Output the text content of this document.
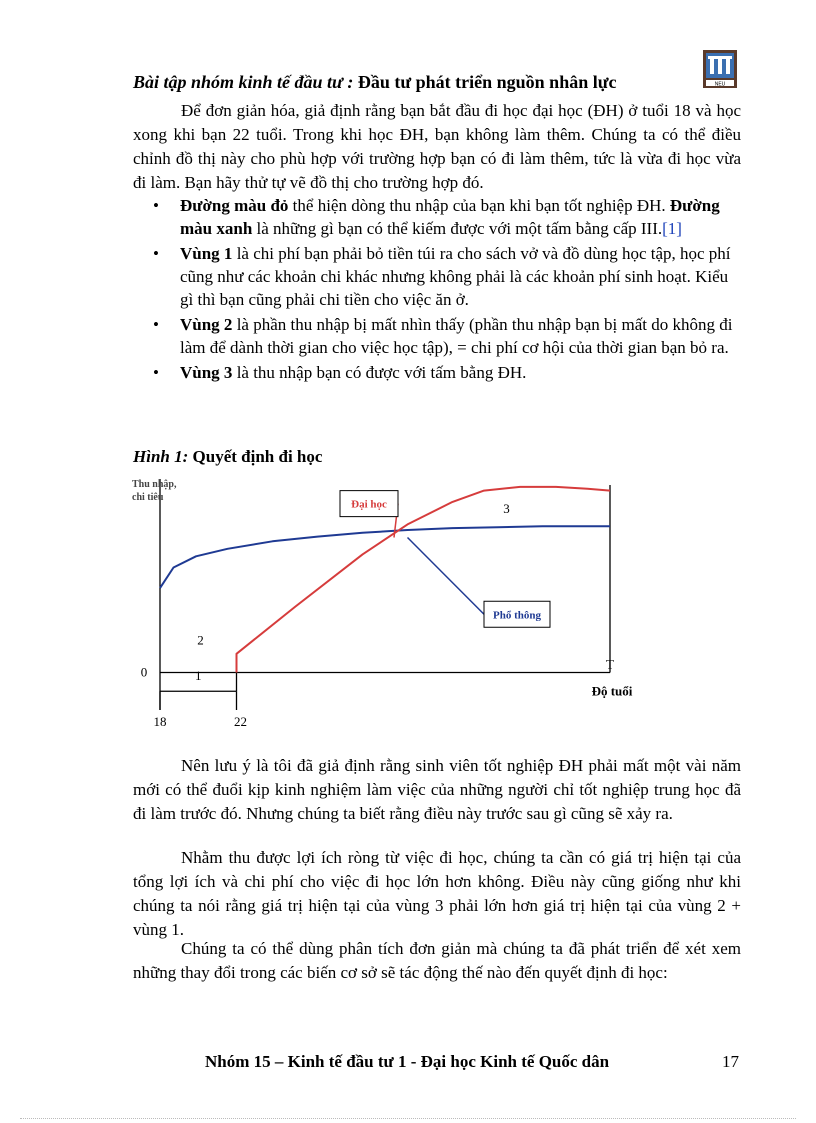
NEU
Bài tập nhóm kinh tế đầu tư : Đầu tư phát triển nguồn nhân lực
Để đơn giản hóa, giả định rằng bạn bắt đầu đi học đại học (ĐH) ở tuổi 18 và học xong khi bạn 22 tuổi. Trong khi học ĐH, bạn không làm thêm. Chúng ta có thể điều chỉnh đồ thị này cho phù hợp với trường hợp bạn có đi làm thêm, tức là vừa đi học vừa đi làm. Bạn hãy thử tự vẽ đồ thị cho trường hợp đó.
• Đường màu đỏ thể hiện dòng thu nhập của bạn khi bạn tốt nghiệp ĐH. Đường màu xanh là những gì bạn có thể kiếm được với một tấm bằng cấp III.[1]
• Vùng 1 là chi phí bạn phải bỏ tiền túi ra cho sách vở và đồ dùng học tập, học phí cũng như các khoản chi khác nhưng không phải là các khoản phí sinh hoạt. Kiểu gì thì bạn cũng phải chi tiền cho việc ăn ở.
• Vùng 2 là phần thu nhập bị mất nhìn thấy (phần thu nhập bạn bị mất do không đi làm để dành thời gian cho việc học tập), = chi phí cơ hội của thời gian bạn bỏ ra.
• Vùng 3 là thu nhập bạn có được với tấm bằng ĐH.
Hình 1: Quyết định đi học
1
2
3
Đại học
Phổ thông
Thu nhập,
chi tiêu
0
T
Độ tuổi
18	22
Nên lưu ý là tôi đã giả định rằng sinh viên tốt nghiệp ĐH phải mất một vài năm mới có thể đuổi kịp kinh nghiệm làm việc của những người chỉ tốt nghiệp trung học đã đi làm trước đó. Nhưng chúng ta biết rằng điều này trước sau gì cũng sẽ xảy ra.
Nhằm thu được lợi ích ròng từ việc đi học, chúng ta cần có giá trị hiện tại của tổng lợi ích và chi phí cho việc đi học lớn hơn không. Điều này cũng giống như khi chúng ta nói rằng giá trị hiện tại của vùng 3 phải lớn hơn giá trị hiện tại của vùng 2 + vùng 1.
Chúng ta có thể dùng phân tích đơn giản mà chúng ta đã phát triển để xét xem những thay đổi trong các biến cơ sở sẽ tác động thế nào đến quyết định đi học:
Nhóm 15 – Kinh tế đầu tư 1 - Đại học Kinh tế Quốc dân	17
